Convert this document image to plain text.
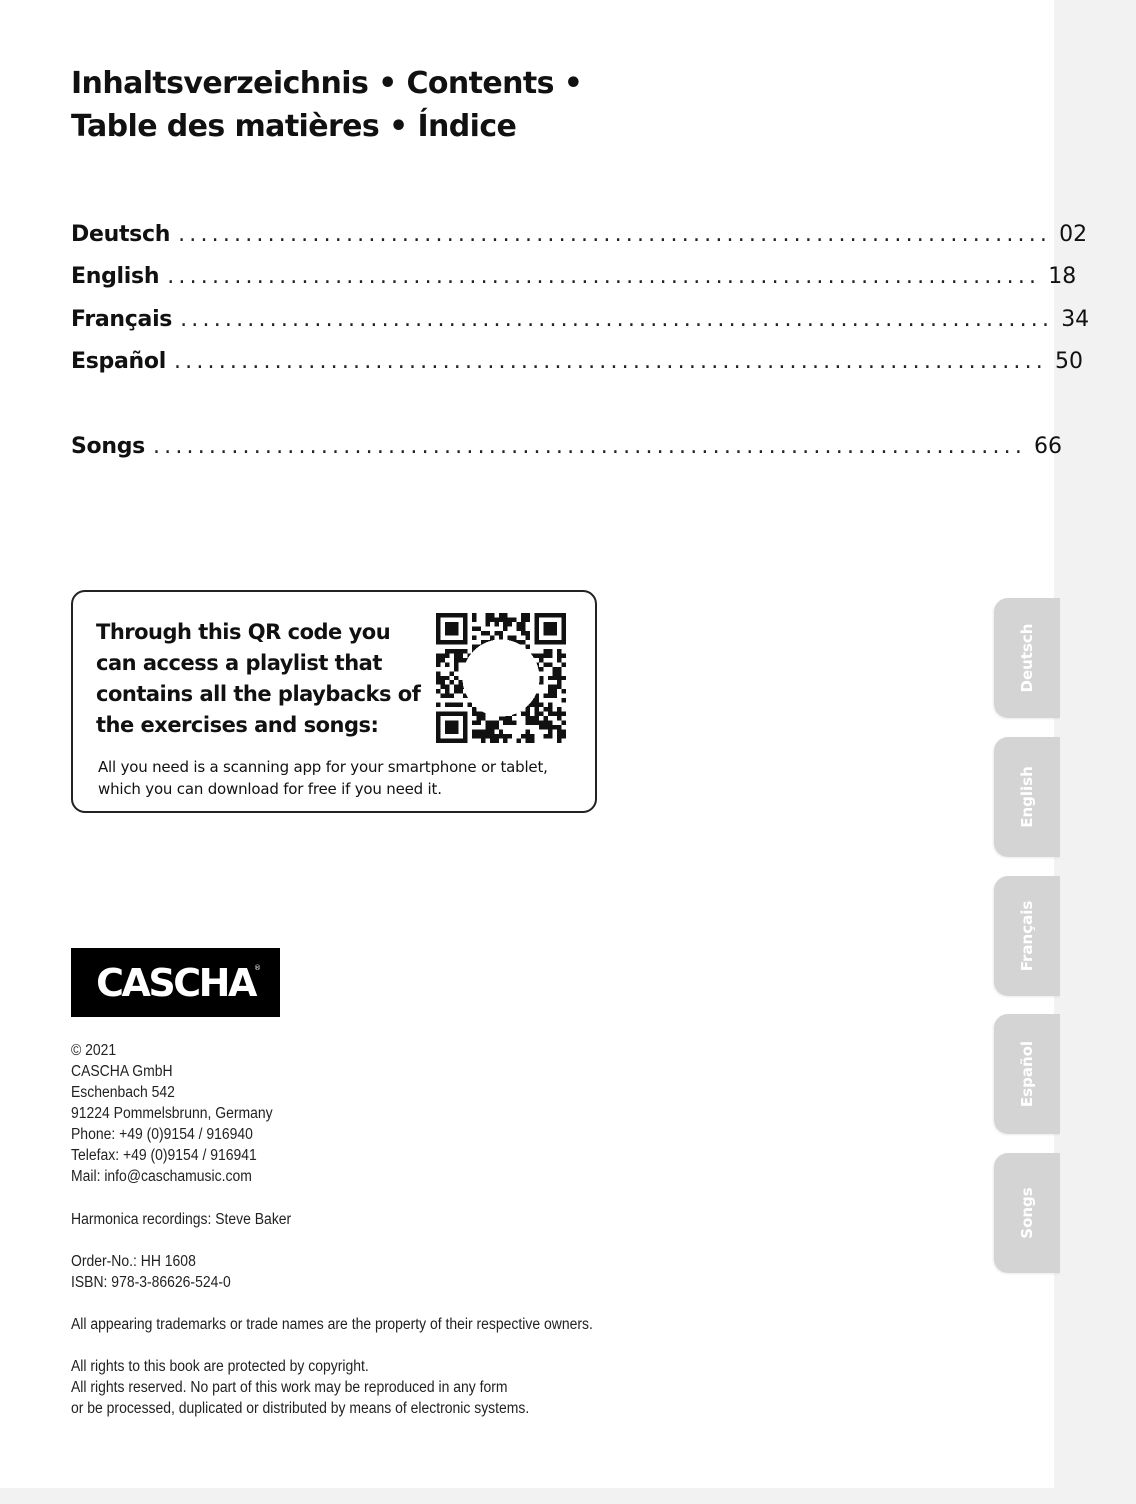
Inhaltsverzeichnis • Contents •
Table des matières • Índice
Deutsch .............................................................................. 02
English .............................................................................. 18
Français .............................................................................. 34
Español .............................................................................. 50
Songs .............................................................................. 66

Through this QR code you
can access a playlist that
contains all the playbacks of
the exercises and songs:

All you need is a scanning app for your smartphone or tablet,
which you can download for free if you need it.

CASCHA ®

© 2021
CASCHA GmbH
Eschenbach 542
91224 Pommelsbrunn, Germany
Phone: +49 (0)9154 / 916940
Telefax: +49 (0)9154 / 916941
Mail: info@caschamusic.com

Harmonica recordings: Steve Baker

Order-No.: HH 1608
ISBN: 978-3-86626-524-0

All appearing trademarks or trade names are the property of their respective owners.

All rights to this book are protected by copyright.
All rights reserved. No part of this work may be reproduced in any form
or be processed, duplicated or distributed by means of electronic systems.

Deutsch
English
Français
Español
Songs
